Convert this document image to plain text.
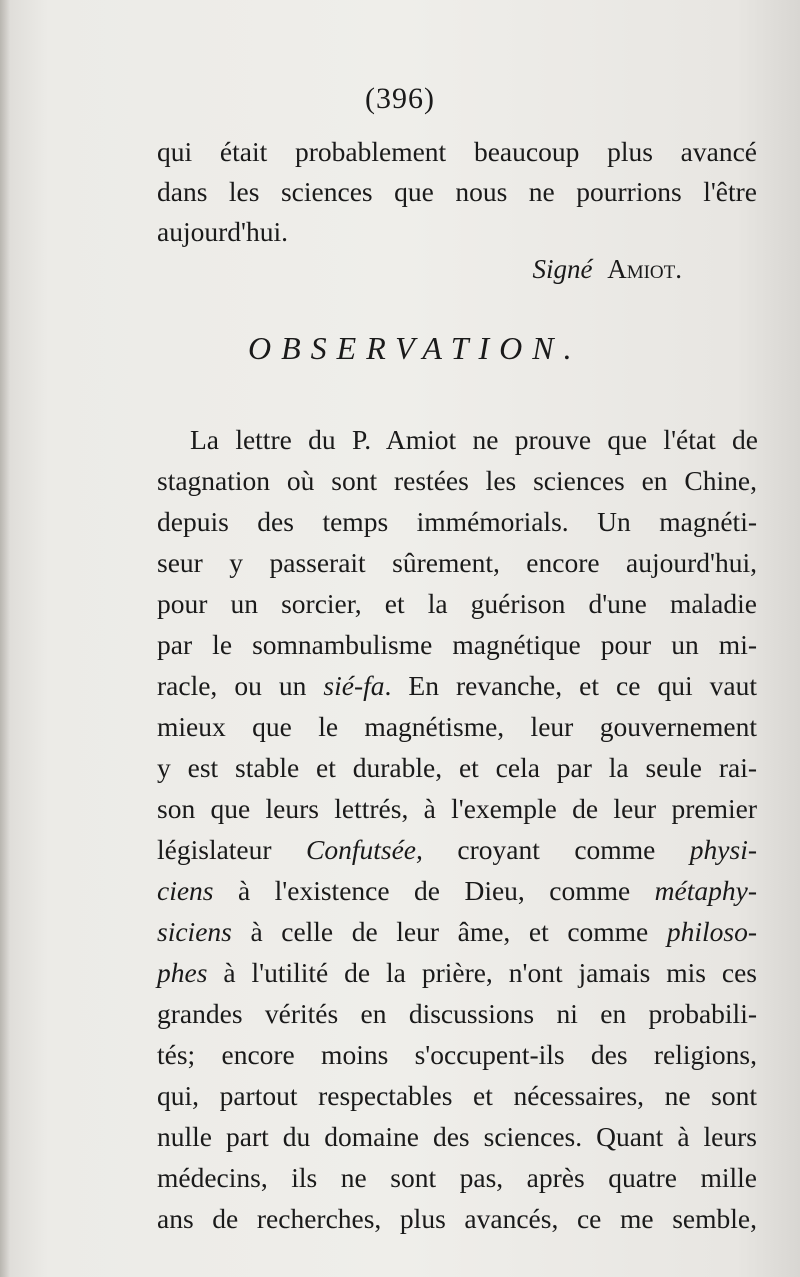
(396)
qui était probablement beaucoup plus avancé
dans les sciences que nous ne pourrions l'être
aujourd'hui.
Signé Amiot.
OBSERVATION.
La lettre du P. Amiot ne prouve que l'état de
stagnation où sont restées les sciences en Chine,
depuis des temps immémorials. Un magnéti-
seur y passerait sûrement, encore aujourd'hui,
pour un sorcier, et la guérison d'une maladie
par le somnambulisme magnétique pour un mi-
racle, ou un sié-fa. En revanche, et ce qui vaut
mieux que le magnétisme, leur gouvernement
y est stable et durable, et cela par la seule rai-
son que leurs lettrés, à l'exemple de leur premier
législateur Confutsée, croyant comme physi-
ciens à l'existence de Dieu, comme métaphy-
siciens à celle de leur âme, et comme philoso-
phes à l'utilité de la prière, n'ont jamais mis ces
grandes vérités en discussions ni en probabili-
tés; encore moins s'occupent-ils des religions,
qui, partout respectables et nécessaires, ne sont
nulle part du domaine des sciences. Quant à leurs
médecins, ils ne sont pas, après quatre mille
ans de recherches, plus avancés, ce me semble,
